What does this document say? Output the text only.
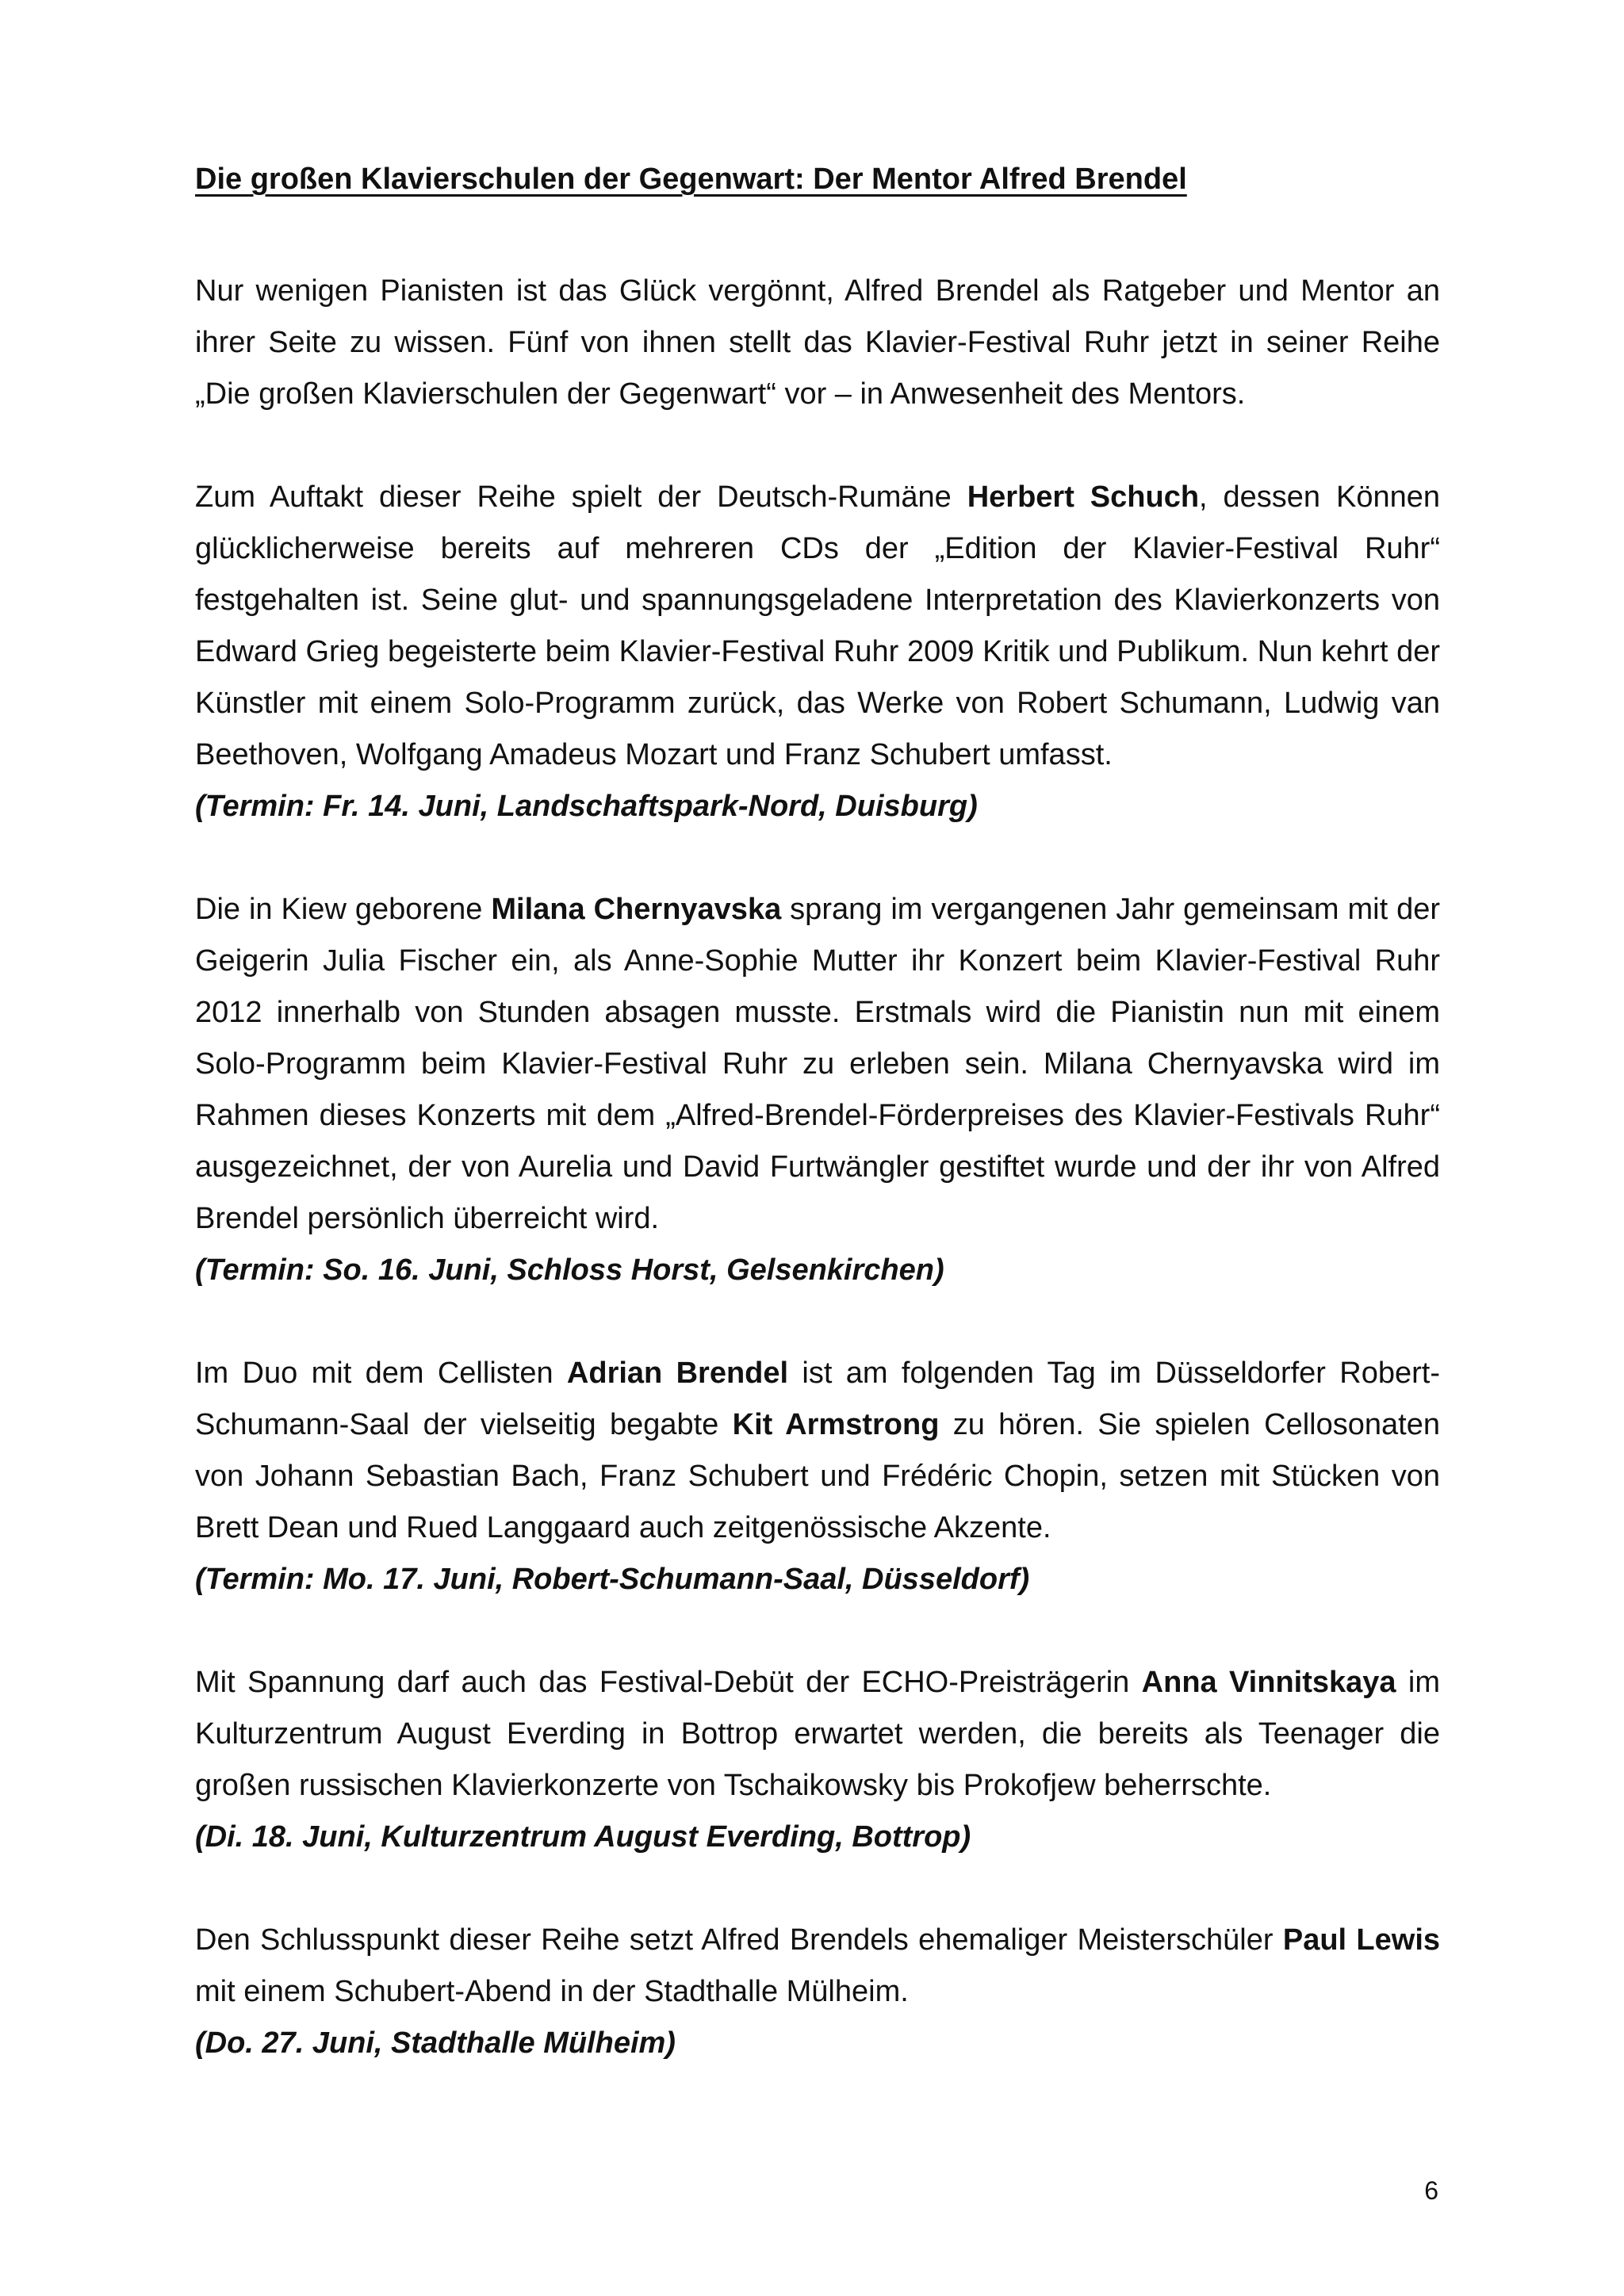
Die großen Klavierschulen der Gegenwart: Der Mentor Alfred Brendel

Nur wenigen Pianisten ist das Glück vergönnt, Alfred Brendel als Ratgeber und Mentor an ihrer Seite zu wissen. Fünf von ihnen stellt das Klavier-Festival Ruhr jetzt in seiner Reihe „Die großen Klavierschulen der Gegenwart“ vor – in Anwesenheit des Mentors.

Zum Auftakt dieser Reihe spielt der Deutsch-Rumäne Herbert Schuch, dessen Können glücklicherweise bereits auf mehreren CDs der „Edition der Klavier-Festival Ruhr“ festgehalten ist. Seine glut- und spannungsgeladene Interpretation des Klavierkonzerts von Edward Grieg begeisterte beim Klavier-Festival Ruhr 2009 Kritik und Publikum. Nun kehrt der Künstler mit einem Solo-Programm zurück, das Werke von Robert Schumann, Ludwig van Beethoven, Wolfgang Amadeus Mozart und Franz Schubert umfasst.
(Termin: Fr. 14. Juni, Landschaftspark-Nord, Duisburg)

Die in Kiew geborene Milana Chernyavska sprang im vergangenen Jahr gemeinsam mit der Geigerin Julia Fischer ein, als Anne-Sophie Mutter ihr Konzert beim Klavier-Festival Ruhr 2012 innerhalb von Stunden absagen musste. Erstmals wird die Pianistin nun mit einem Solo-Programm beim Klavier-Festival Ruhr zu erleben sein. Milana Chernyavska wird im Rahmen dieses Konzerts mit dem „Alfred-Brendel-Förderpreises des Klavier-Festivals Ruhr“ ausgezeichnet, der von Aurelia und David Furtwängler gestiftet wurde und der ihr von Alfred Brendel persönlich überreicht wird.
(Termin: So. 16. Juni, Schloss Horst, Gelsenkirchen)

Im Duo mit dem Cellisten Adrian Brendel ist am folgenden Tag im Düsseldorfer Robert-Schumann-Saal der vielseitig begabte Kit Armstrong zu hören. Sie spielen Cellosonaten von Johann Sebastian Bach, Franz Schubert und Frédéric Chopin, setzen mit Stücken von Brett Dean und Rued Langgaard auch zeitgenössische Akzente.
(Termin: Mo. 17. Juni, Robert-Schumann-Saal, Düsseldorf)

Mit Spannung darf auch das Festival-Debüt der ECHO-Preisträgerin Anna Vinnitskaya im Kulturzentrum August Everding in Bottrop erwartet werden, die bereits als Teenager die großen russischen Klavierkonzerte von Tschaikowsky bis Prokofjew beherrschte.
(Di. 18. Juni, Kulturzentrum August Everding, Bottrop)

Den Schlusspunkt dieser Reihe setzt Alfred Brendels ehemaliger Meisterschüler Paul Lewis mit einem Schubert-Abend in der Stadthalle Mülheim.
(Do. 27. Juni, Stadthalle Mülheim)

6
